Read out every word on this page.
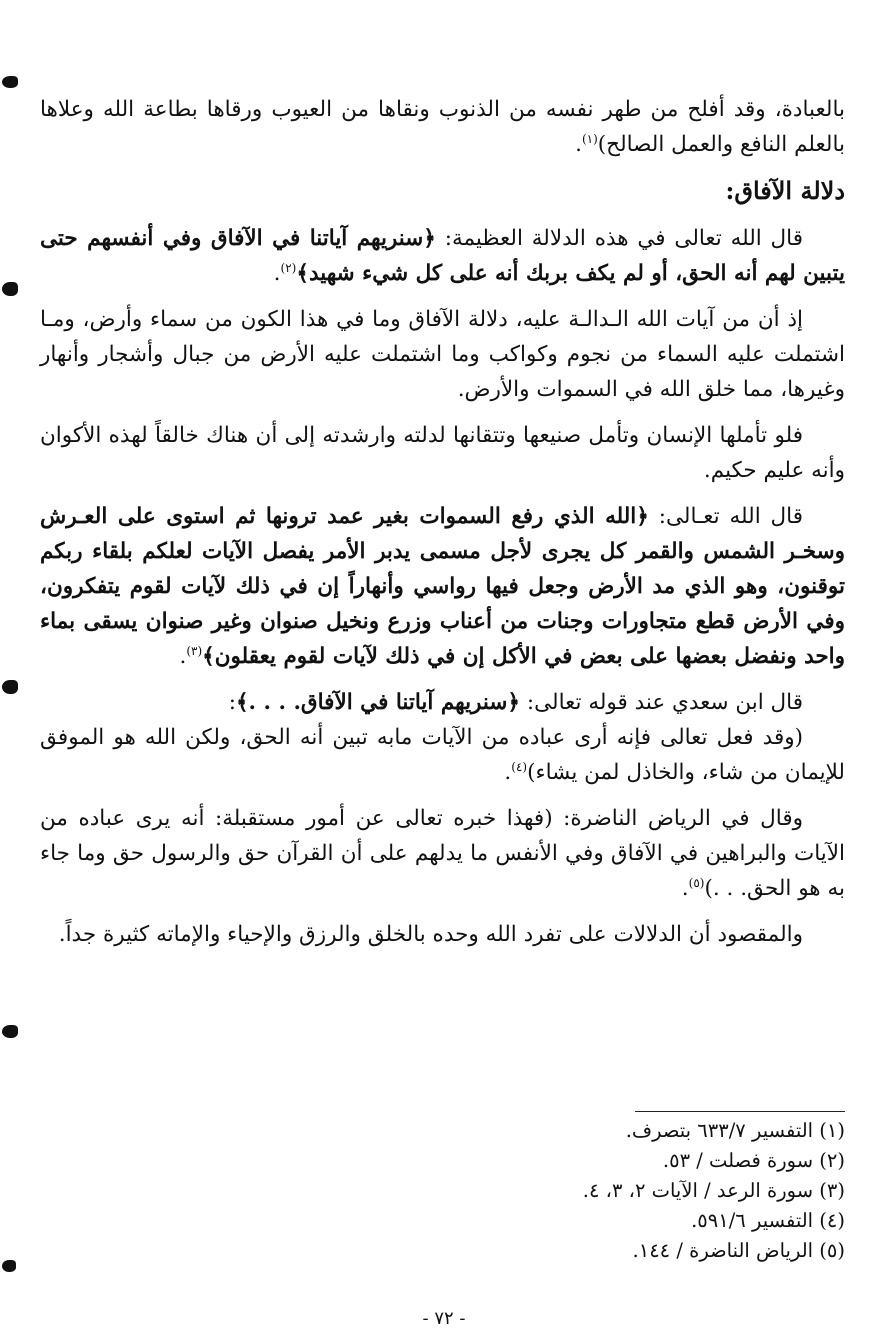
بالعبادة، وقد أفلح من طهر نفسه من الذنوب ونقاها من العيوب ورقاها بطاعة الله وعلاها بالعلم النافع والعمل الصالح)$^{(١)}$.

دلالة الآفاق:

قال الله تعالى في هذه الدلالة العظيمة: ﴿سنريهم آياتنا في الآفاق وفي أنفسهم حتى يتبين لهم أنه الحق، أو لم يكف بربك أنه على كل شيء شهيد﴾$^{(٢)}$.

إذ أن من آيات الله الـدالـة عليه، دلالة الآفاق وما في هذا الكون من سماء وأرض، ومـا اشتملت عليه السماء من نجوم وكواكب وما اشتملت عليه الأرض من جبال وأشجار وأنهار وغيرها، مما خلق الله في السموات والأرض.

فلو تأملها الإنسان وتأمل صنيعها وتتقانها لدلته وارشدته إلى أن هناك خالقاً لهذه الأكوان وأنه عليم حكيم.

قال الله تعـالى: ﴿الله الذي رفع السموات بغير عمد ترونها ثم استوى على العـرش وسخـر الشمس والقمر كل يجرى لأجل مسمى يدبر الأمر يفصل الآيات لعلكم بلقاء ربكم توقنون، وهو الذي مد الأرض وجعل فيها رواسي وأنهاراً إن في ذلك لآيات لقوم يتفكرون، وفي الأرض قطع متجاورات وجنات من أعناب وزرع ونخيل صنوان وغير صنوان يسقى بماء واحد ونفضل بعضها على بعض في الأكل إن في ذلك لآيات لقوم يعقلون﴾$^{(٣)}$.

قال ابن سعدي عند قوله تعالى: ﴿سنريهم آياتنا في الآفاق. . . .﴾:

(وقد فعل تعالى فإنه أرى عباده من الآيات مابه تبين أنه الحق، ولكن الله هو الموفق للإيمان من شاء، والخاذل لمن يشاء)$^{(٤)}$.

وقال في الرياض الناضرة: (فهذا خبره تعالى عن أمور مستقبلة: أنه يرى عباده من الآيات والبراهين في الآفاق وفي الأنفس ما يدلهم على أن القرآن حق والرسول حق وما جاء به هو الحق. . .)$^{(٥)}$.

والمقصود أن الدلالات على تفرد الله وحده بالخلق والرزق والإحياء والإماته كثيرة جداً.

(١) التفسير ٦٣٣/٧ بتصرف.

(٢) سورة فصلت / ٥٣.

(٣) سورة الرعد / الآيات ٢، ٣، ٤.

(٤) التفسير ٥٩١/٦.

(٥) الرياض الناضرة / ١٤٤.

- ٧٢ -
